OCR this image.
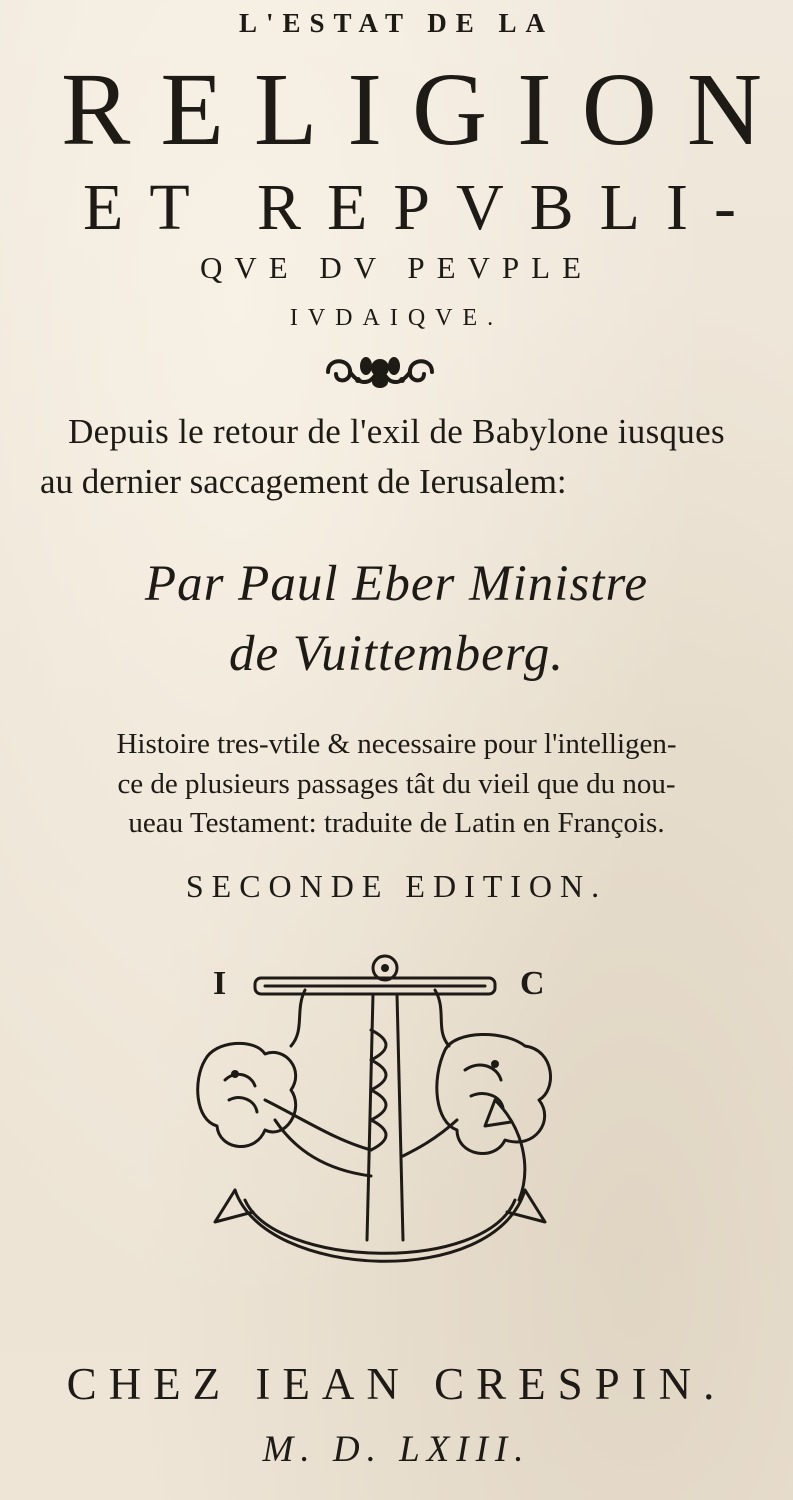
L'ESTAT DE LA

RELIGION

ET REPVBLI-

QVE DV PEVPLE

IVDAIQVE.

Depuis le retour de l'exil de Babylone iusques

au dernier saccagement de Ierusalem:

Par Paul Eber Ministre

de Vuittemberg.

Histoire tres-vtile & necessaire pour l'intelligen-

ce de plusieurs passages tât du vieil que du nou-

ueau Testament: traduite de Latin en François.

SECONDE EDITION.

I	C

CHEZ IEAN CRESPIN.

M. D. LXIII.
